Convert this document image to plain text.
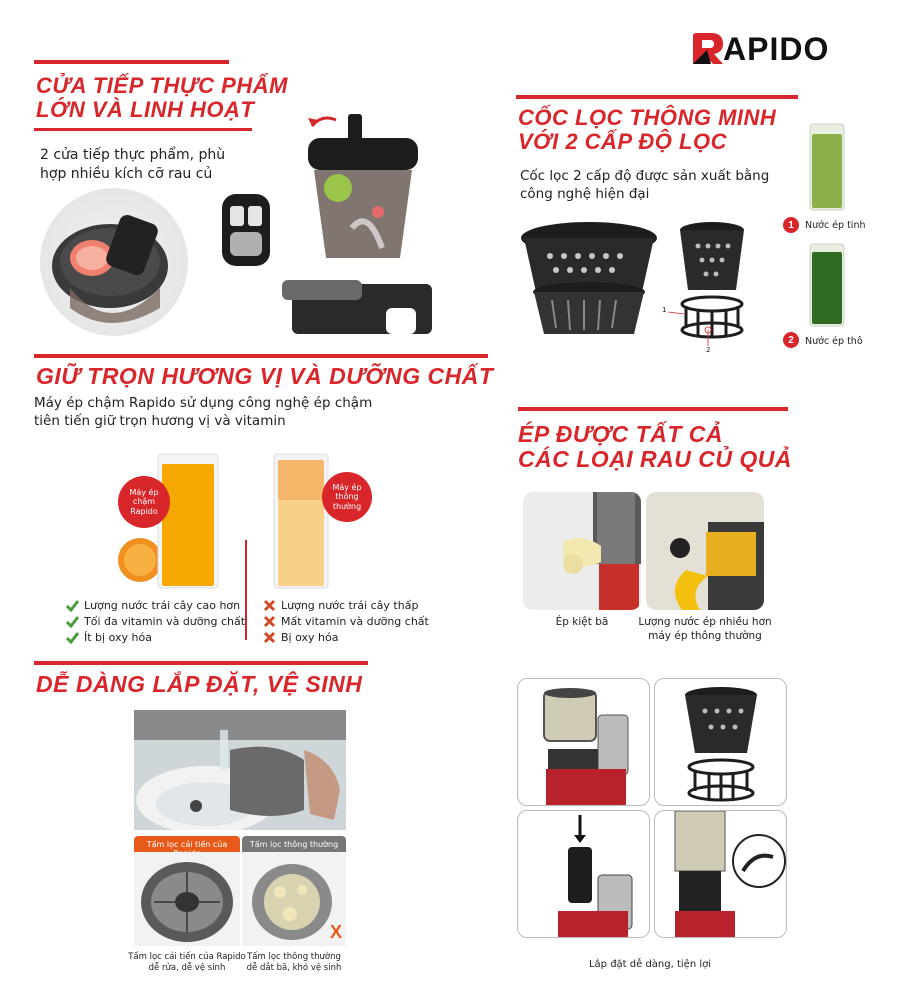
APIDO
CỬA TIẾP THỰC PHẨM
LỚN VÀ LINH HOẠT
2 cửa tiếp thực phẩm, phù
hợp nhiều kích cỡ rau củ
CỐC LỌC THÔNG MINH
VỚI 2 CẤP ĐỘ LỌC
Cốc lọc 2 cấp độ được sản xuất bằng
công nghệ hiện đại
1
2
1	Nước ép tinh
2	Nước ép thô
GIỮ TRỌN HƯƠNG VỊ VÀ DƯỠNG CHẤT
Máy ép chậm Rapido sử dụng công nghệ ép chậm
tiên tiến giữ trọn hương vị và vitamin
Máy ép chậm Rapido
Máy ép thông thường
Lượng nước trái cây cao hơn
Tối đa vitamin và dưỡng chất
Ít bị oxy hóa
Lượng nước trái cây thấp
Mất vitamin và dưỡng chất
Bị oxy hóa
ÉP ĐƯỢC TẤT CẢ
CÁC LOẠI RAU CỦ QUẢ
Ép kiệt bã	Lượng nước ép nhiều hơn
máy ép thông thường
DỄ DÀNG LẮP ĐẶT, VỆ SINH
Tấm lọc cải tiến của	Tấm lọc thông thường
X
Tấm lọc cải tiến của Rapido
dễ rửa, dễ vệ sinh
Tấm lọc thông thường
dễ dắt bã, khó vệ sinh	Lắp đặt dễ dàng, tiện lợi
